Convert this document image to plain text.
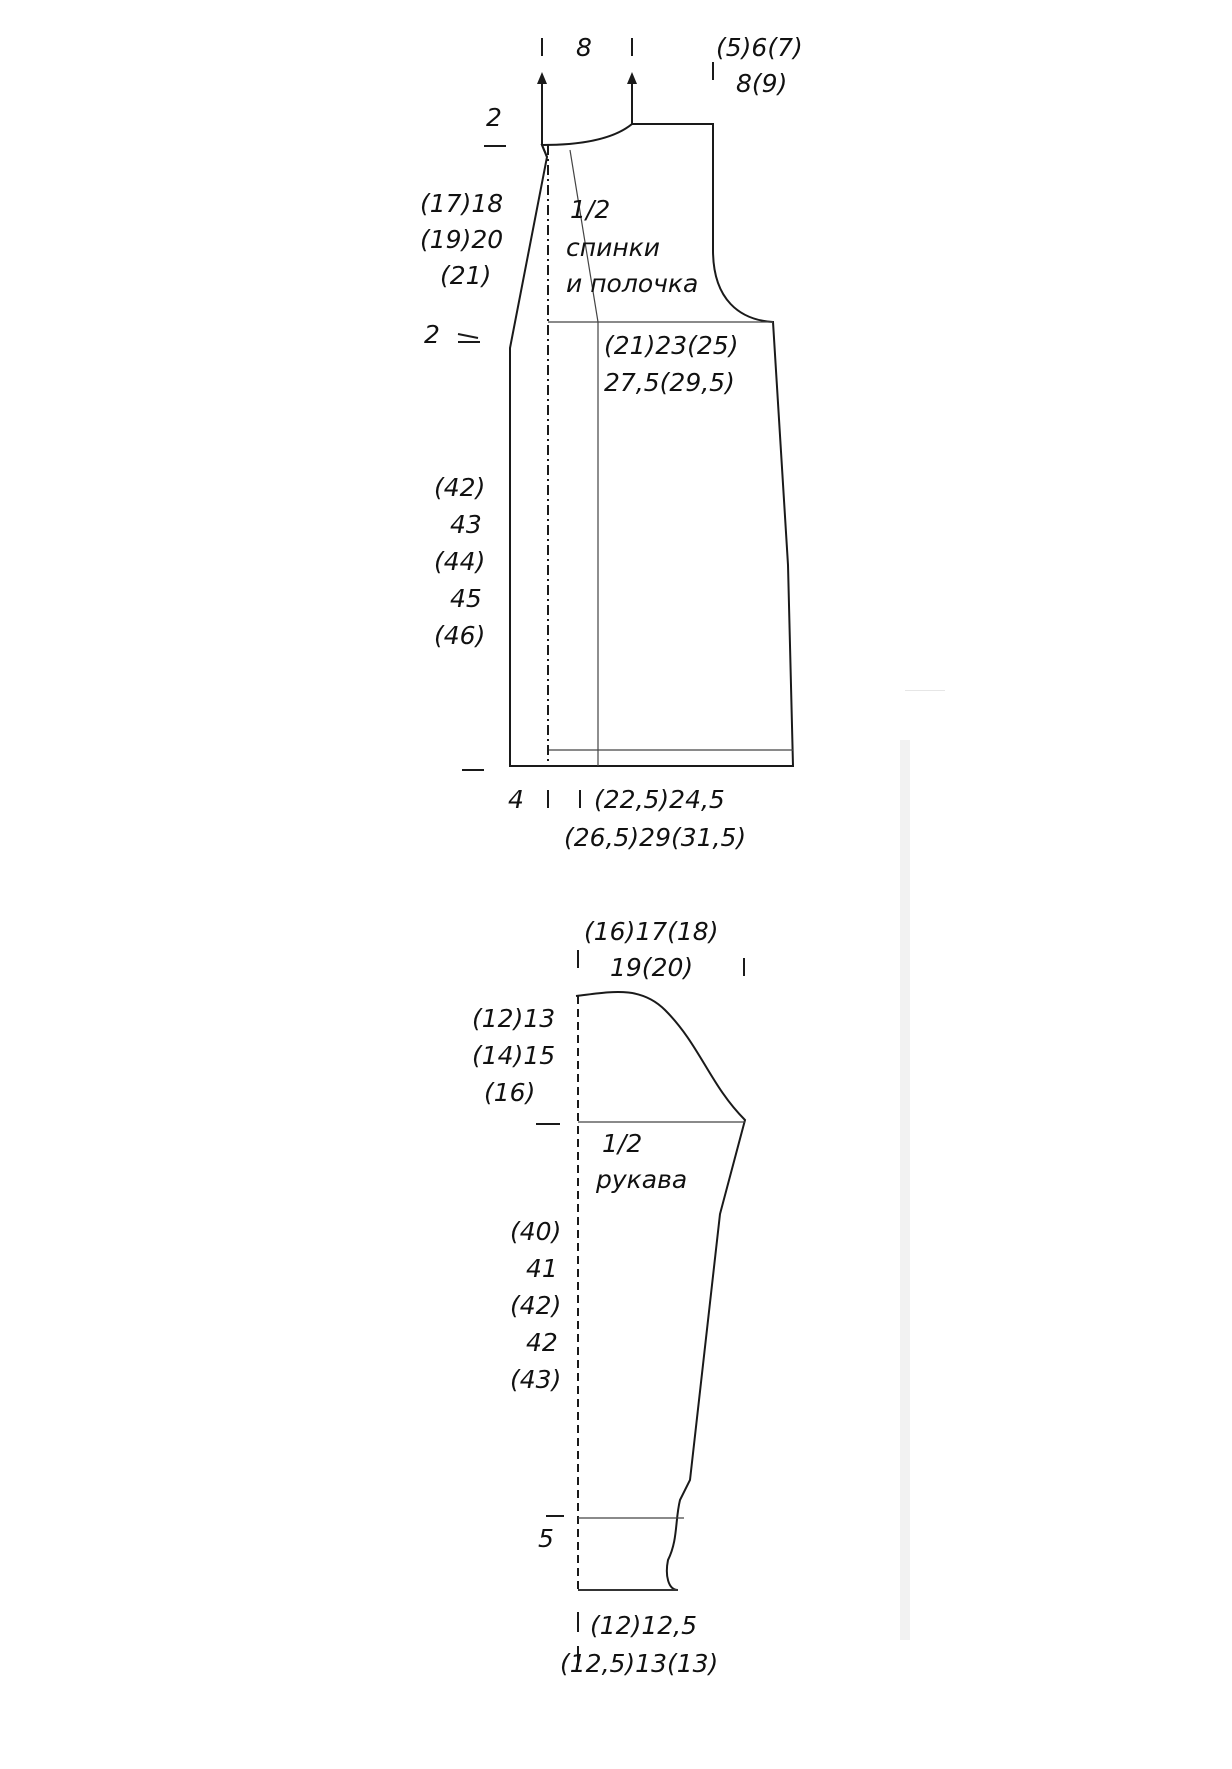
8	(5)6(7)
8(9)
2
(17)18
(19)20
(21)
2
1/2
спинки
и полочка
(21)23(25)
27,5(29,5)
(42)
43
(44)
45
(46)
4	(22,5)24,5
(26,5)29(31,5)
(16)17(18)
19(20)
(12)13
(14)15
(16)
1/2
рукава
(40)
41
(42)
42
(43)
5
(12)12,5
(12,5)13(13)
